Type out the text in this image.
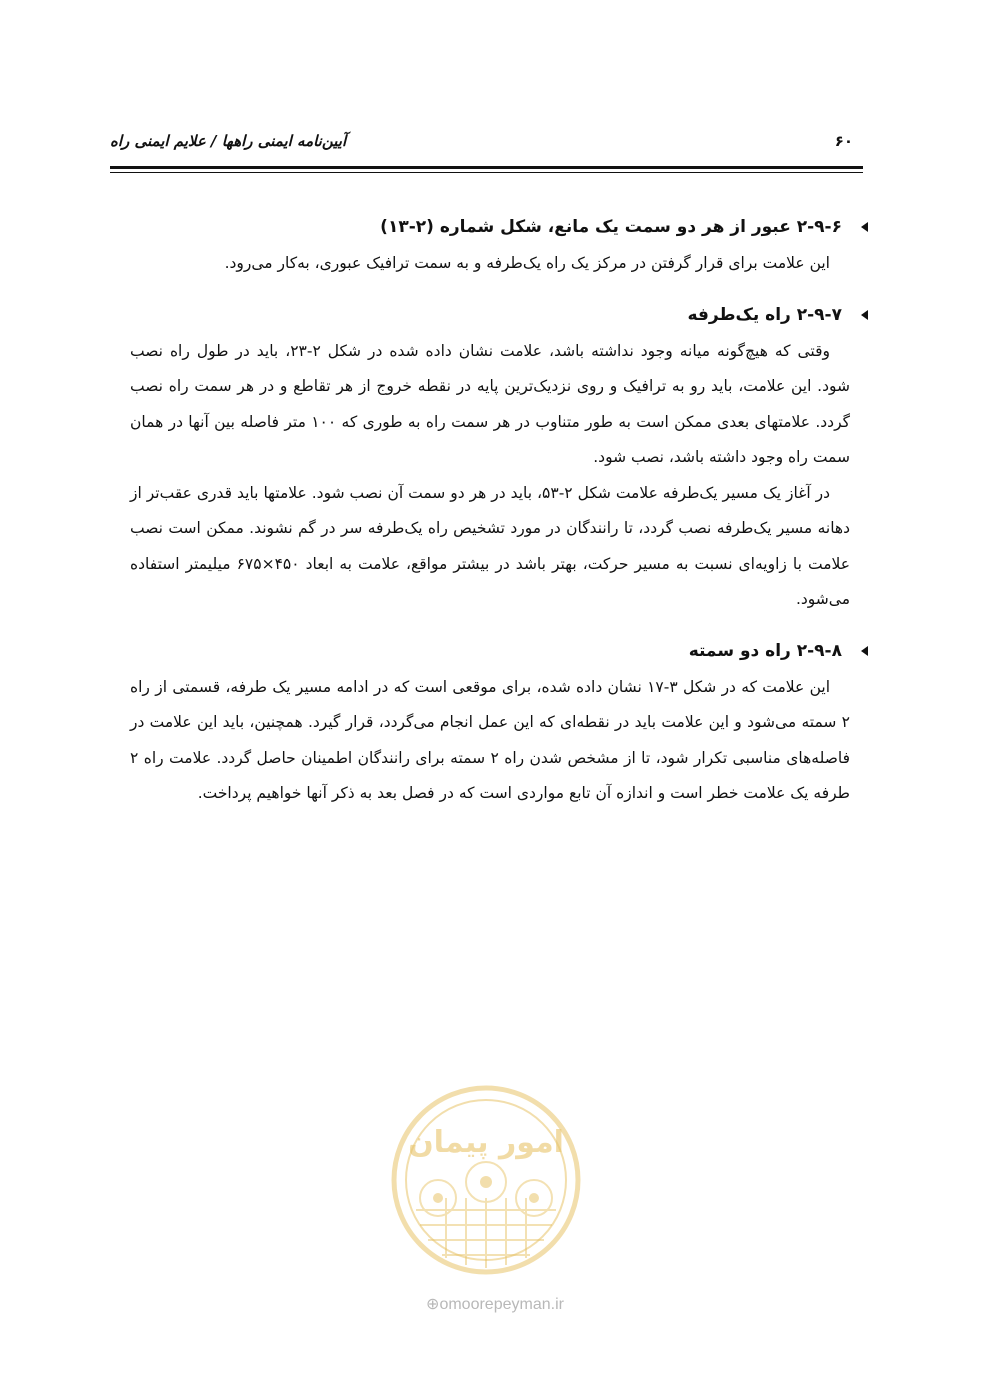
۶۰
آیین‌نامه ایمنی راهها / علایم ایمنی راه
۲-۹-۶ عبور از هر دو سمت یک مانع، شکل شماره (۲-۱۳)

این علامت برای قرار گرفتن در مرکز یک راه یک‌طرفه و به سمت ترافیک عبوری، به‌کار می‌رود.

۲-۹-۷ راه یک‌طرفه

وقتی که هیچ‌گونه میانه وجود نداشته باشد، علامت نشان داده شده در شکل ۲-۲۳، باید در طول راه نصب شود. این علامت، باید رو به ترافیک و روی نزدیک‌ترین پایه در نقطه خروج از هر تقاطع و در هر سمت راه نصب گردد. علامتهای بعدی ممکن است به طور متناوب در هر سمت راه به طوری که ۱۰۰ متر فاصله بین آنها در همان سمت راه وجود داشته باشد، نصب شود.

در آغاز یک مسیر یک‌طرفه علامت شکل ۲-۵۳، باید در هر دو سمت آن نصب شود. علامتها باید قدری عقب‌تر از دهانه مسیر یک‌طرفه نصب گردد، تا رانندگان در مورد تشخیص راه یک‌طرفه سر در گم نشوند. ممکن است نصب علامت با زاویه‌ای نسبت به مسیر حرکت، بهتر باشد در بیشتر مواقع، علامت به ابعاد ۴۵۰×۶۷۵ میلیمتر استفاده می‌شود.

۲-۹-۸ راه دو سمته

این علامت که در شکل ۳-۱۷ نشان داده شده، برای موقعی است که در ادامه مسیر یک طرفه، قسمتی از راه ۲ سمته می‌شود و این علامت باید در نقطه‌ای که این عمل انجام می‌گردد، قرار گیرد. همچنین، باید این علامت در فاصله‌های مناسبی تکرار شود، تا از مشخص شدن راه ۲ سمته برای رانندگان اطمینان حاصل گردد. علامت راه ۲ طرفه یک علامت خطر است و اندازه آن تابع مواردی است که در فصل بعد به ذکر آنها خواهیم پرداخت.

امور پیمان
⊕omoorepeyman.ir
